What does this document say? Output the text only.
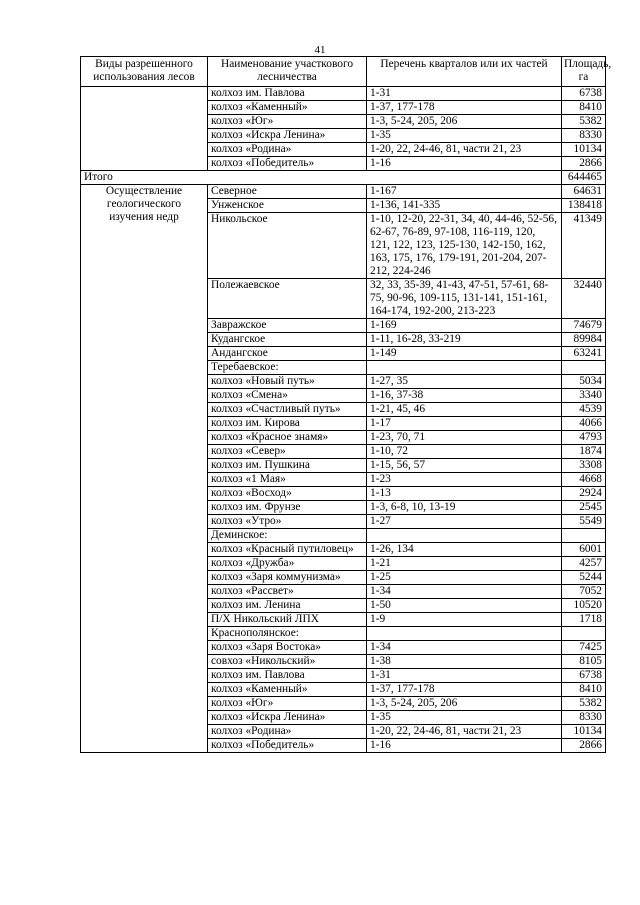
41
Виды разрешенного использования лесов	Наименование участкового лесничества	Перечень кварталов или их частей	Площадь, га
	колхоз им. Павлова	1-31	6738
	колхоз «Каменный»	1-37, 177-178	8410
	колхоз «Юг»	1-3, 5-24, 205, 206	5382
	колхоз «Искра Ленина»	1-35	8330
	колхоз «Родина»	1-20, 22, 24-46, 81, части 21, 23	10134
	колхоз «Победитель»	1-16	2866
Итого			644465
Осуществление геологического изучения недр	Северное	1-167	64631
	Унженское	1-136, 141-335	138418
	Никольское	1-10, 12-20, 22-31, 34, 40, 44-46, 52-56, 62-67, 76-89, 97-108, 116-119, 120, 121, 122, 123, 125-130, 142-150, 162, 163, 175, 176, 179-191, 201-204, 207-212, 224-246	41349
	Полежаевское	32, 33, 35-39, 41-43, 47-51, 57-61, 68-75, 90-96, 109-115, 131-141, 151-161, 164-174, 192-200, 213-223	32440
	Завражское	1-169	74679
	Кудангское	1-11, 16-28, 33-219	89984
	Андангское	1-149	63241
	Теребаевское:		
	колхоз «Новый путь»	1-27, 35	5034
	колхоз «Смена»	1-16, 37-38	3340
	колхоз «Счастливый путь»	1-21, 45, 46	4539
	колхоз им. Кирова	1-17	4066
	колхоз «Красное знамя»	1-23, 70, 71	4793
	колхоз «Север»	1-10, 72	1874
	колхоз им. Пушкина	1-15, 56, 57	3308
	колхоз «1 Мая»	1-23	4668
	колхоз «Восход»	1-13	2924
	колхоз им. Фрунзе	1-3, 6-8, 10, 13-19	2545
	колхоз «Утро»	1-27	5549
	Деминское:		
	колхоз «Красный путиловец»	1-26, 134	6001
	колхоз «Дружба»	1-21	4257
	колхоз «Заря коммунизма»	1-25	5244
	колхоз «Рассвет»	1-34	7052
	колхоз им. Ленина	1-50	10520
	П/Х Никольский ЛПХ	1-9	1718
	Краснополянское:		
	колхоз «Заря Востока»	1-34	7425
	совхоз «Никольский»	1-38	8105
	колхоз им. Павлова	1-31	6738
	колхоз «Каменный»	1-37, 177-178	8410
	колхоз «Юг»	1-3, 5-24, 205, 206	5382
	колхоз «Искра Ленина»	1-35	8330
	колхоз «Родина»	1-20, 22, 24-46, 81, части 21, 23	10134
	колхоз «Победитель»	1-16	2866
